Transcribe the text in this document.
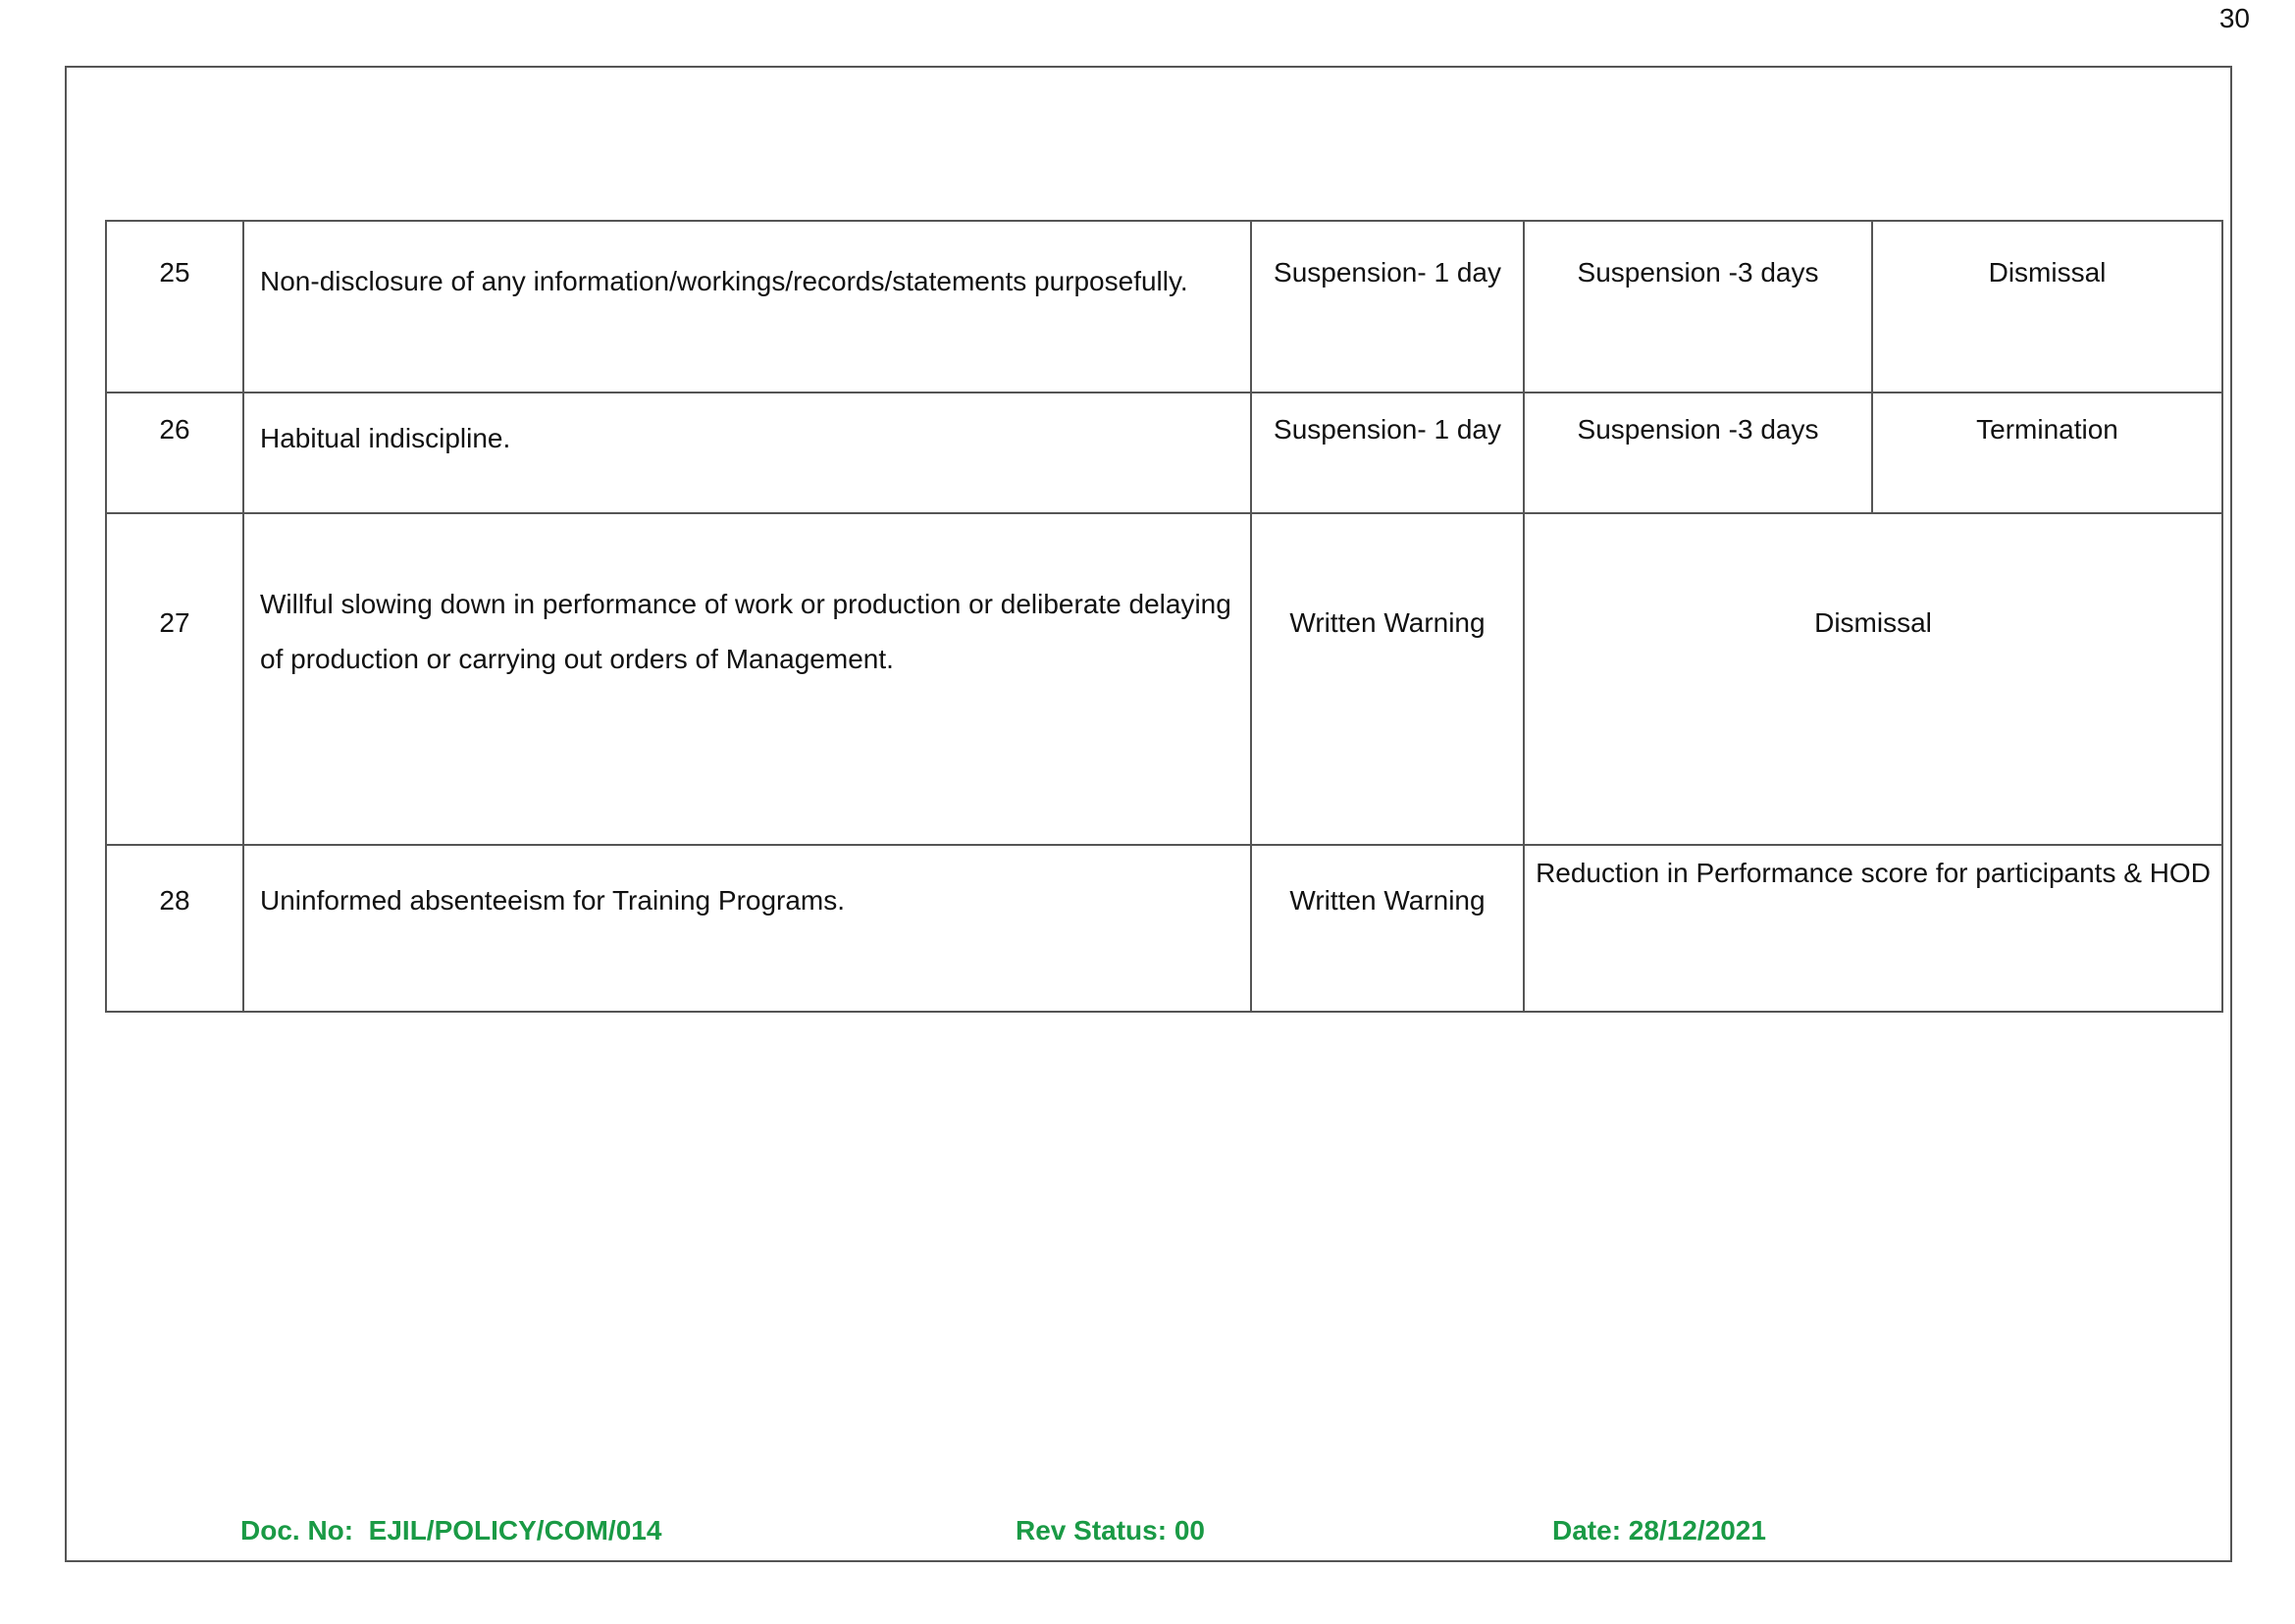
30
25	Non-disclosure of any information/workings/records/statements purposefully.	Suspension- 1 day	Suspension -3 days	Dismissal
26	Habitual indiscipline.	Suspension- 1 day	Suspension -3 days	Termination
27	Willful slowing down in performance of work or production or deliberate delaying of production or carrying out orders of Management.	Written Warning	Dismissal	
28	Uninformed absenteeism for Training Programs.	Written Warning	Reduction in Performance score for participants & HOD	
Doc. No:  EJIL/POLICY/COM/014	Rev Status: 00	Date: 28/12/2021
